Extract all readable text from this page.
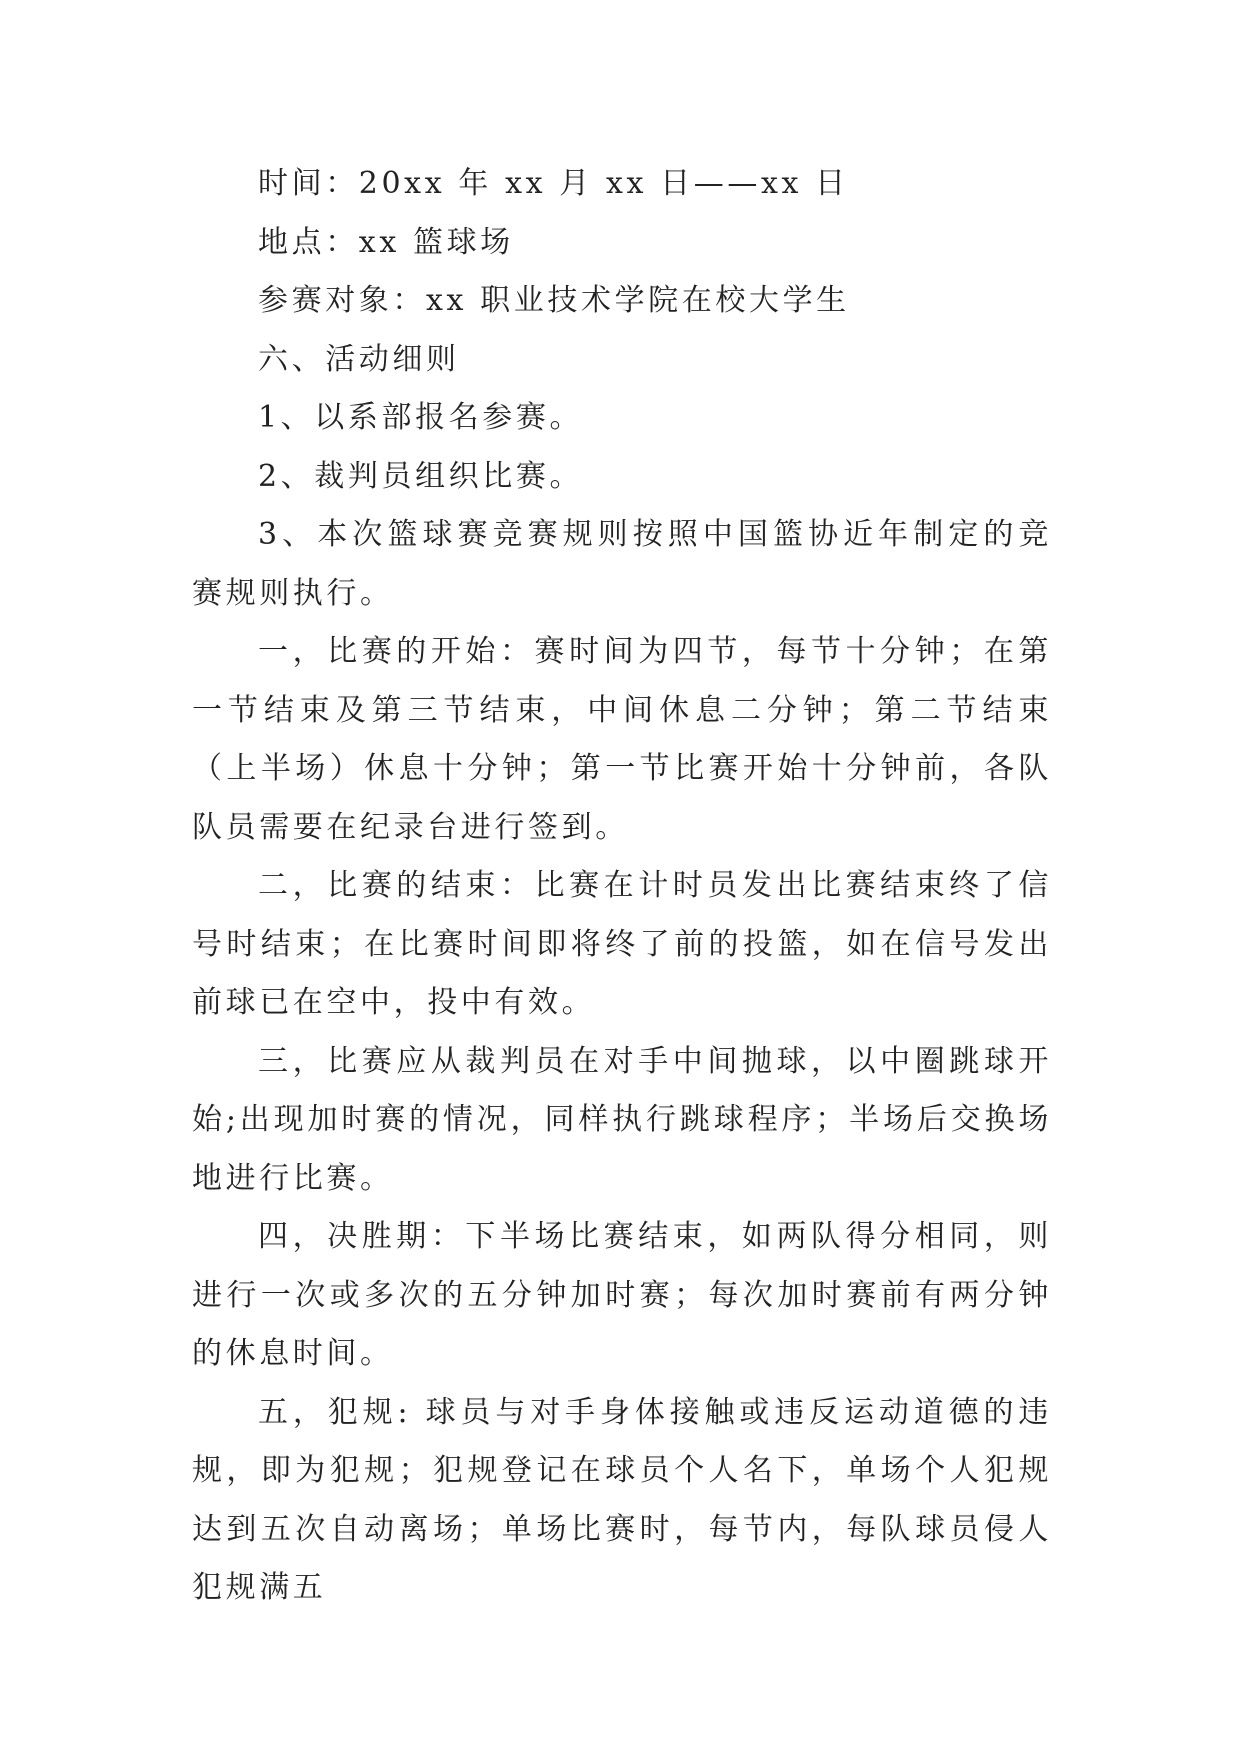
时间：20xx 年 xx 月 xx 日——xx 日

地点：xx 篮球场

参赛对象：xx 职业技术学院在校大学生

六、活动细则

1、以系部报名参赛。

2、裁判员组织比赛。

3、本次篮球赛竞赛规则按照中国篮协近年制定的竞赛规则执行。

一，比赛的开始：赛时间为四节，每节十分钟；在第一节结束及第三节结束，中间休息二分钟；第二节结束（上半场）休息十分钟；第一节比赛开始十分钟前，各队队员需要在纪录台进行签到。

二，比赛的结束：比赛在计时员发出比赛结束终了信号时结束；在比赛时间即将终了前的投篮，如在信号发出前球已在空中，投中有效。

三，比赛应从裁判员在对手中间抛球，以中圈跳球开始;出现加时赛的情况，同样执行跳球程序；半场后交换场地进行比赛。

四，决胜期：下半场比赛结束，如两队得分相同，则进行一次或多次的五分钟加时赛；每次加时赛前有两分钟的休息时间。

五，犯规: 球员与对手身体接触或违反运动道德的违规，即为犯规；犯规登记在球员个人名下，单场个人犯规达到五次自动离场；单场比赛时，每节内，每队球员侵人犯规满五
